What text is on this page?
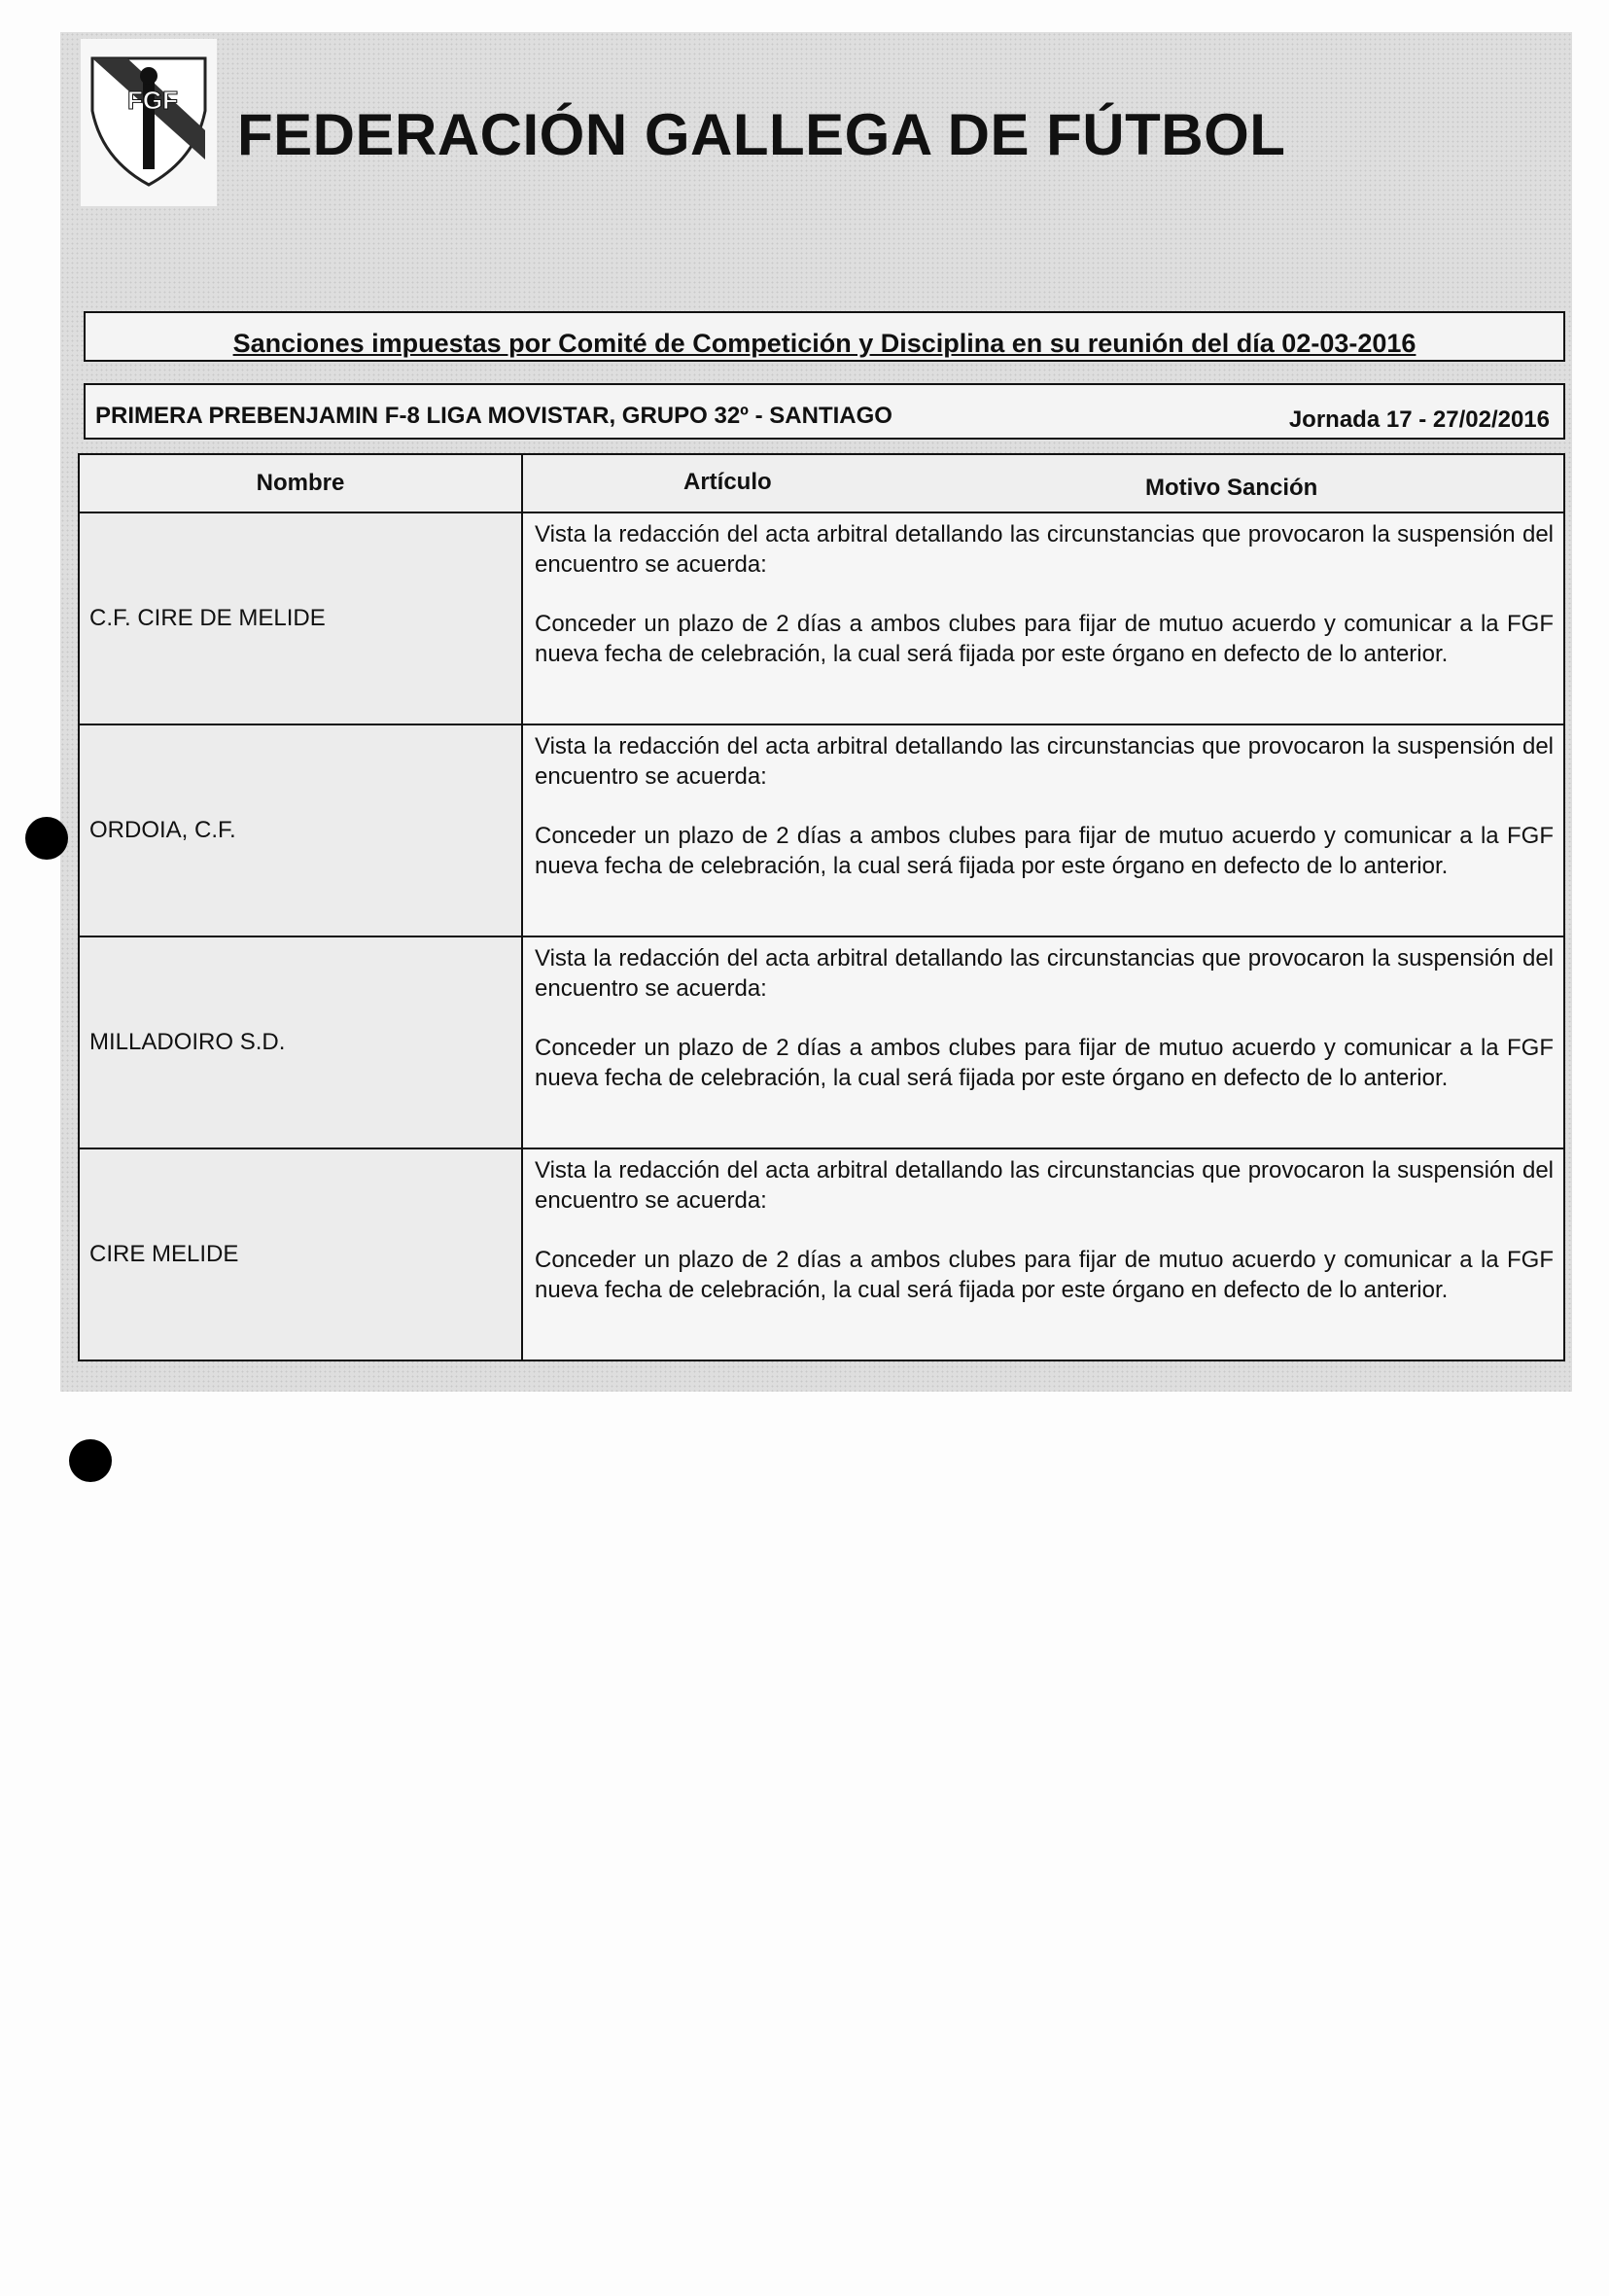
FGF
FEDERACIÓN GALLEGA DE FÚTBOL
Sanciones impuestas por Comité de Competición y Disciplina en su reunión del día 02-03-2016
PRIMERA PREBENJAMIN F-8 LIGA MOVISTAR, GRUPO 32º - SANTIAGO	Jornada 17 - 27/02/2016
Nombre	Artículo Motivo Sanción

C.F. CIRE DE MELIDE	Vista la redacción del acta arbitral detallando las circunstancias que provocaron la suspensión del encuentro se acuerda:

Conceder un plazo de 2 días a ambos clubes para fijar de mutuo acuerdo y comunicar a la FGF nueva fecha de celebración, la cual será fijada por este órgano en defecto de lo anterior.

ORDOIA, C.F.	Vista la redacción del acta arbitral detallando las circunstancias que provocaron la suspensión del encuentro se acuerda:

Conceder un plazo de 2 días a ambos clubes para fijar de mutuo acuerdo y comunicar a la FGF nueva fecha de celebración, la cual será fijada por este órgano en defecto de lo anterior.

MILLADOIRO S.D.	Vista la redacción del acta arbitral detallando las circunstancias que provocaron la suspensión del encuentro se acuerda:

Conceder un plazo de 2 días a ambos clubes para fijar de mutuo acuerdo y comunicar a la FGF nueva fecha de celebración, la cual será fijada por este órgano en defecto de lo anterior.

CIRE MELIDE	Vista la redacción del acta arbitral detallando las circunstancias que provocaron la suspensión del encuentro se acuerda:

Conceder un plazo de 2 días a ambos clubes para fijar de mutuo acuerdo y comunicar a la FGF nueva fecha de celebración, la cual será fijada por este órgano en defecto de lo anterior.
